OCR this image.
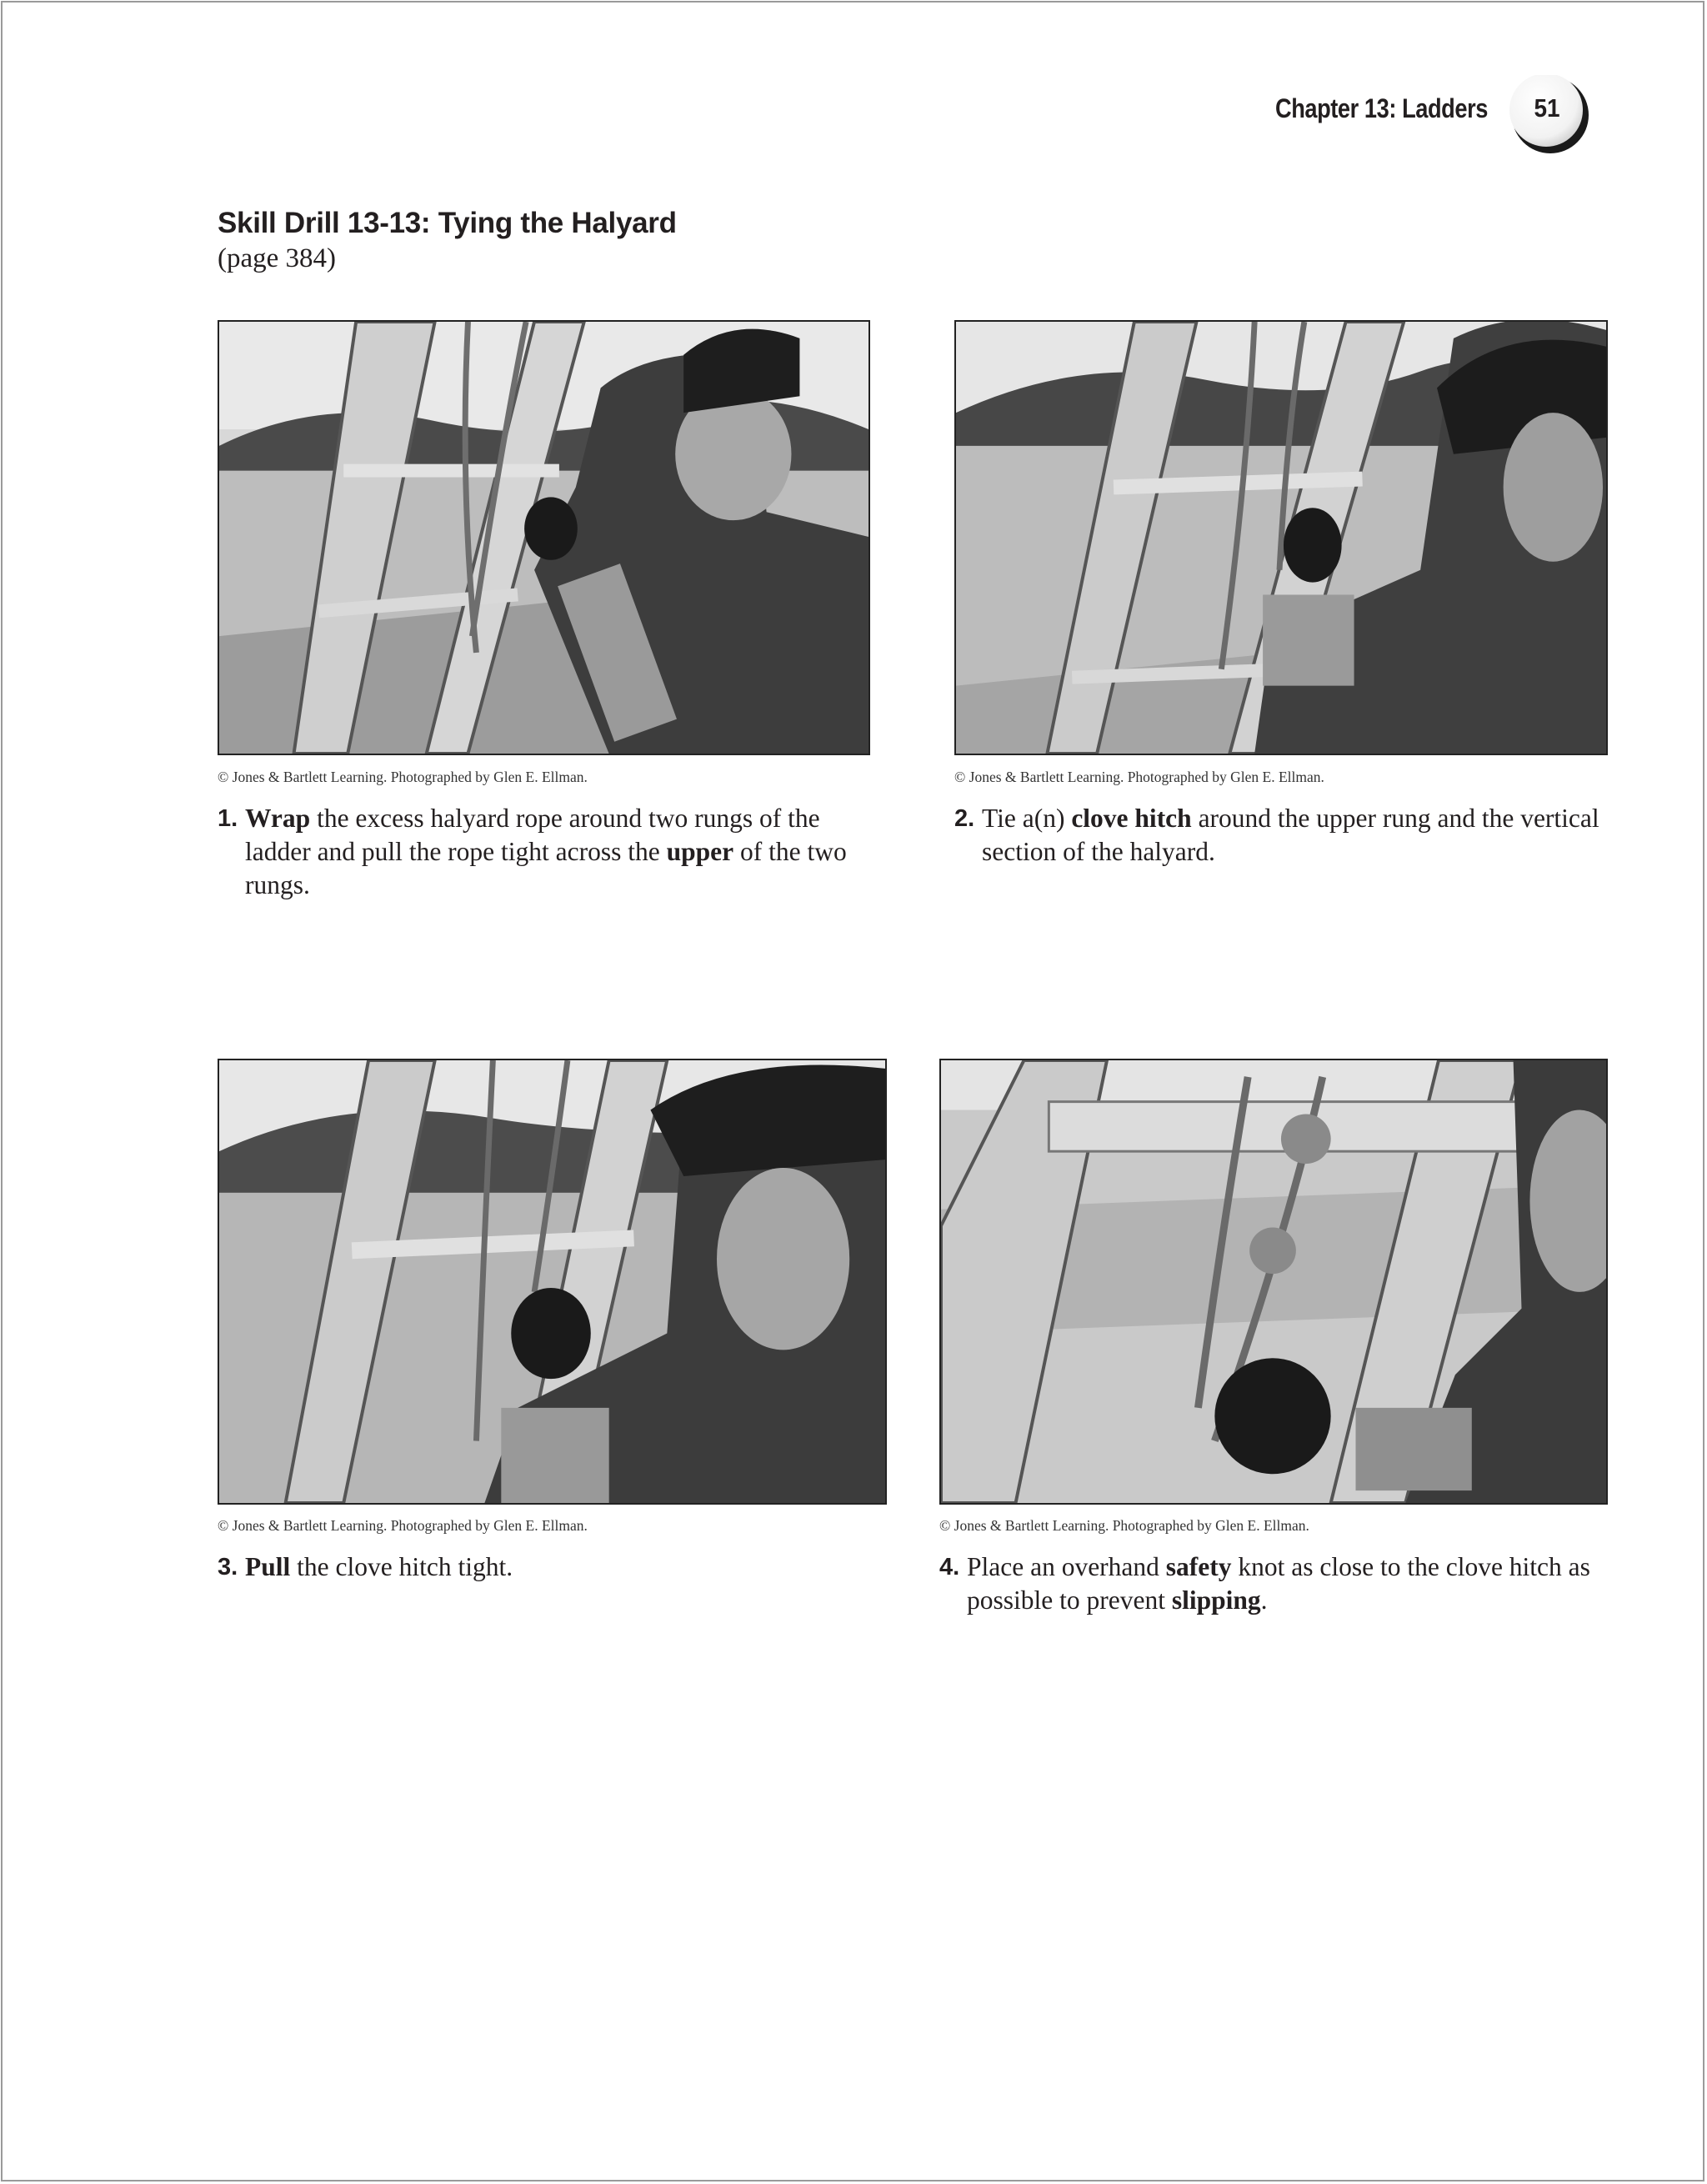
Chapter 13: Ladders	51
Skill Drill 13-13: Tying the Halyard
(page 384)
© Jones & Bartlett Learning. Photographed by Glen E. Ellman.
1. Wrap the excess halyard rope around two rungs of the ladder and pull the rope tight across the upper of the two rungs.
© Jones & Bartlett Learning. Photographed by Glen E. Ellman.
2. Tie a(n) clove hitch around the upper rung and the vertical section of the halyard.
© Jones & Bartlett Learning. Photographed by Glen E. Ellman.
3. Pull the clove hitch tight.
© Jones & Bartlett Learning. Photographed by Glen E. Ellman.
4. Place an overhand safety knot as close to the clove hitch as possible to prevent slipping.
